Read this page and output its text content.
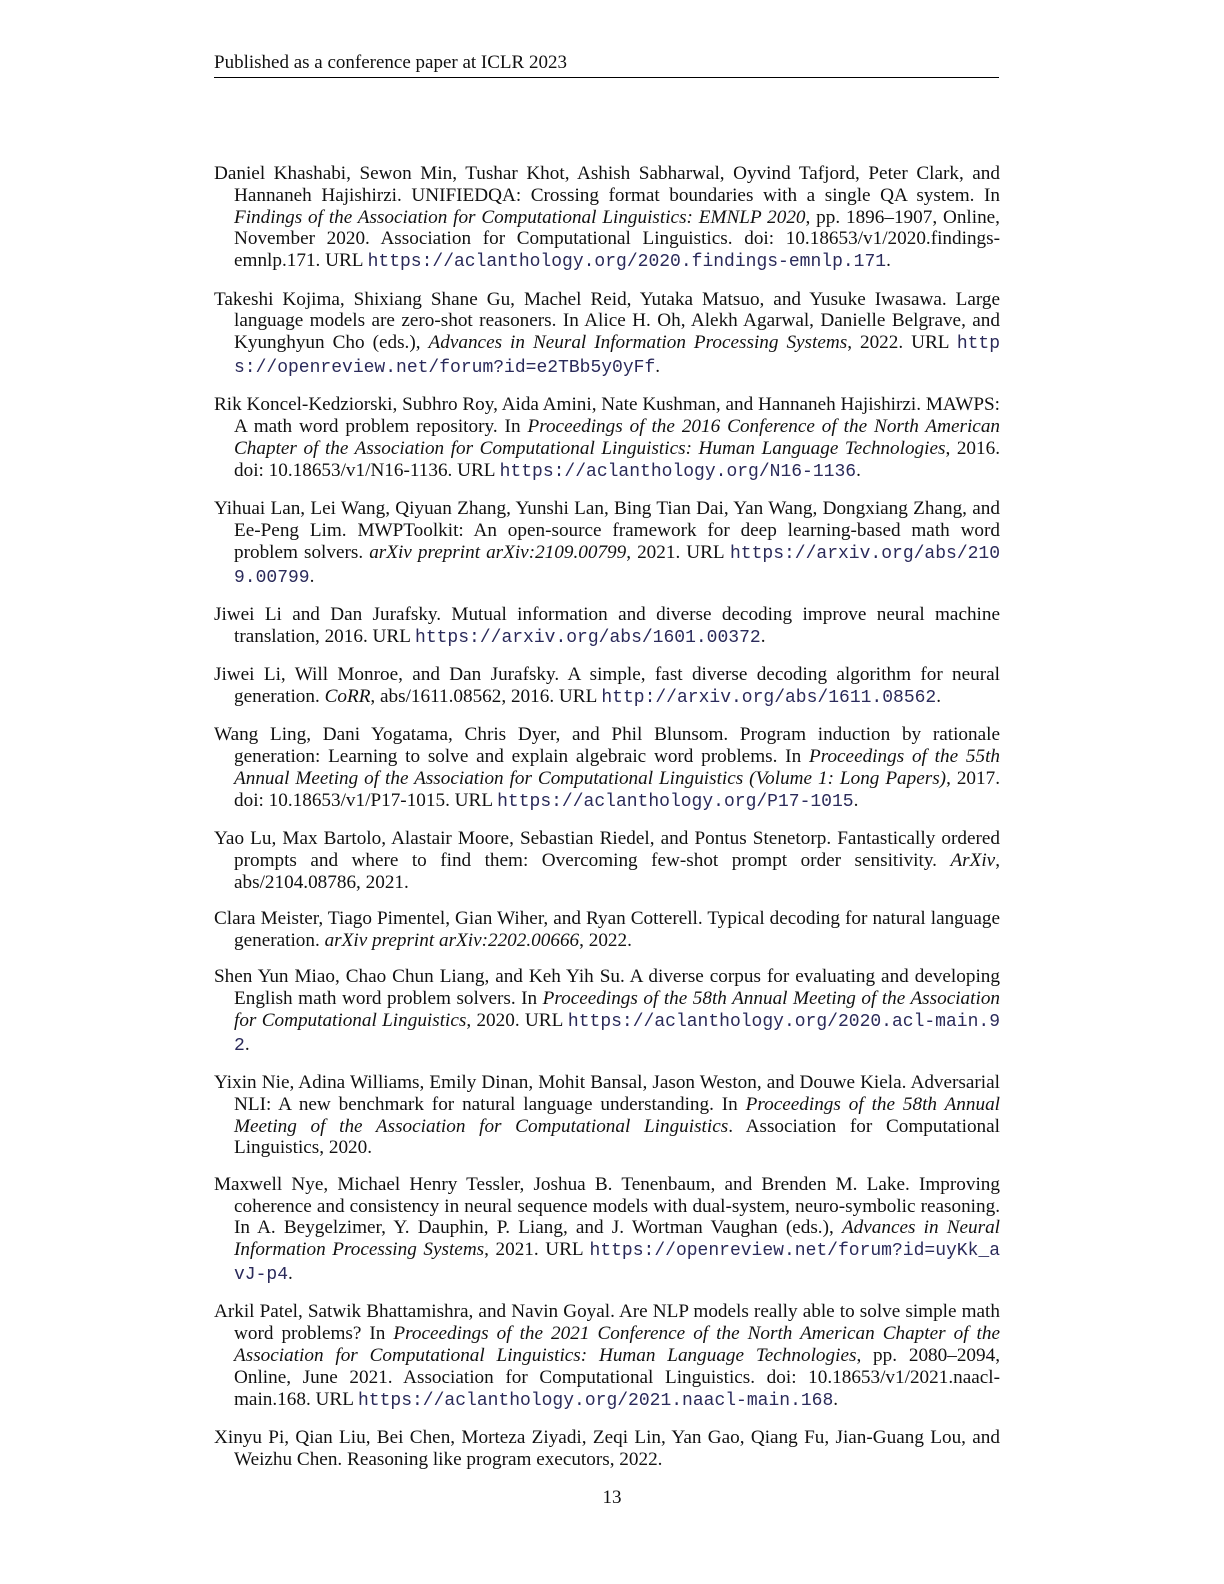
Published as a conference paper at ICLR 2023

Daniel Khashabi, Sewon Min, Tushar Khot, Ashish Sabharwal, Oyvind Tafjord, Peter Clark, and Hannaneh Hajishirzi. UNIFIEDQA: Crossing format boundaries with a single QA system. In Findings of the Association for Computational Linguistics: EMNLP 2020, pp. 1896–1907, Online, November 2020. Association for Computational Linguistics. doi: 10.18653/v1/2020.findings-emnlp.171. URL https://aclanthology.org/2020.findings-emnlp.171.

Takeshi Kojima, Shixiang Shane Gu, Machel Reid, Yutaka Matsuo, and Yusuke Iwasawa. Large language models are zero-shot reasoners. In Alice H. Oh, Alekh Agarwal, Danielle Belgrave, and Kyunghyun Cho (eds.), Advances in Neural Information Processing Systems, 2022. URL https://openreview.net/forum?id=e2TBb5y0yFf.

Rik Koncel-Kedziorski, Subhro Roy, Aida Amini, Nate Kushman, and Hannaneh Hajishirzi. MAWPS: A math word problem repository. In Proceedings of the 2016 Conference of the North American Chapter of the Association for Computational Linguistics: Human Language Technologies, 2016. doi: 10.18653/v1/N16-1136. URL https://aclanthology.org/N16-1136.

Yihuai Lan, Lei Wang, Qiyuan Zhang, Yunshi Lan, Bing Tian Dai, Yan Wang, Dongxiang Zhang, and Ee-Peng Lim. MWPToolkit: An open-source framework for deep learning-based math word problem solvers. arXiv preprint arXiv:2109.00799, 2021. URL https://arxiv.org/abs/2109.00799.

Jiwei Li and Dan Jurafsky. Mutual information and diverse decoding improve neural machine translation, 2016. URL https://arxiv.org/abs/1601.00372.

Jiwei Li, Will Monroe, and Dan Jurafsky. A simple, fast diverse decoding algorithm for neural generation. CoRR, abs/1611.08562, 2016. URL http://arxiv.org/abs/1611.08562.

Wang Ling, Dani Yogatama, Chris Dyer, and Phil Blunsom. Program induction by rationale generation: Learning to solve and explain algebraic word problems. In Proceedings of the 55th Annual Meeting of the Association for Computational Linguistics (Volume 1: Long Papers), 2017. doi: 10.18653/v1/P17-1015. URL https://aclanthology.org/P17-1015.

Yao Lu, Max Bartolo, Alastair Moore, Sebastian Riedel, and Pontus Stenetorp. Fantastically ordered prompts and where to find them: Overcoming few-shot prompt order sensitivity. ArXiv, abs/2104.08786, 2021.

Clara Meister, Tiago Pimentel, Gian Wiher, and Ryan Cotterell. Typical decoding for natural language generation. arXiv preprint arXiv:2202.00666, 2022.

Shen Yun Miao, Chao Chun Liang, and Keh Yih Su. A diverse corpus for evaluating and developing English math word problem solvers. In Proceedings of the 58th Annual Meeting of the Association for Computational Linguistics, 2020. URL https://aclanthology.org/2020.acl-main.92.

Yixin Nie, Adina Williams, Emily Dinan, Mohit Bansal, Jason Weston, and Douwe Kiela. Adversarial NLI: A new benchmark for natural language understanding. In Proceedings of the 58th Annual Meeting of the Association for Computational Linguistics. Association for Computational Linguistics, 2020.

Maxwell Nye, Michael Henry Tessler, Joshua B. Tenenbaum, and Brenden M. Lake. Improving coherence and consistency in neural sequence models with dual-system, neuro-symbolic reasoning. In A. Beygelzimer, Y. Dauphin, P. Liang, and J. Wortman Vaughan (eds.), Advances in Neural Information Processing Systems, 2021. URL https://openreview.net/forum?id=uyKk_avJ-p4.

Arkil Patel, Satwik Bhattamishra, and Navin Goyal. Are NLP models really able to solve simple math word problems? In Proceedings of the 2021 Conference of the North American Chapter of the Association for Computational Linguistics: Human Language Technologies, pp. 2080–2094, Online, June 2021. Association for Computational Linguistics. doi: 10.18653/v1/2021.naacl-main.168. URL https://aclanthology.org/2021.naacl-main.168.

Xinyu Pi, Qian Liu, Bei Chen, Morteza Ziyadi, Zeqi Lin, Yan Gao, Qiang Fu, Jian-Guang Lou, and Weizhu Chen. Reasoning like program executors, 2022.

13
